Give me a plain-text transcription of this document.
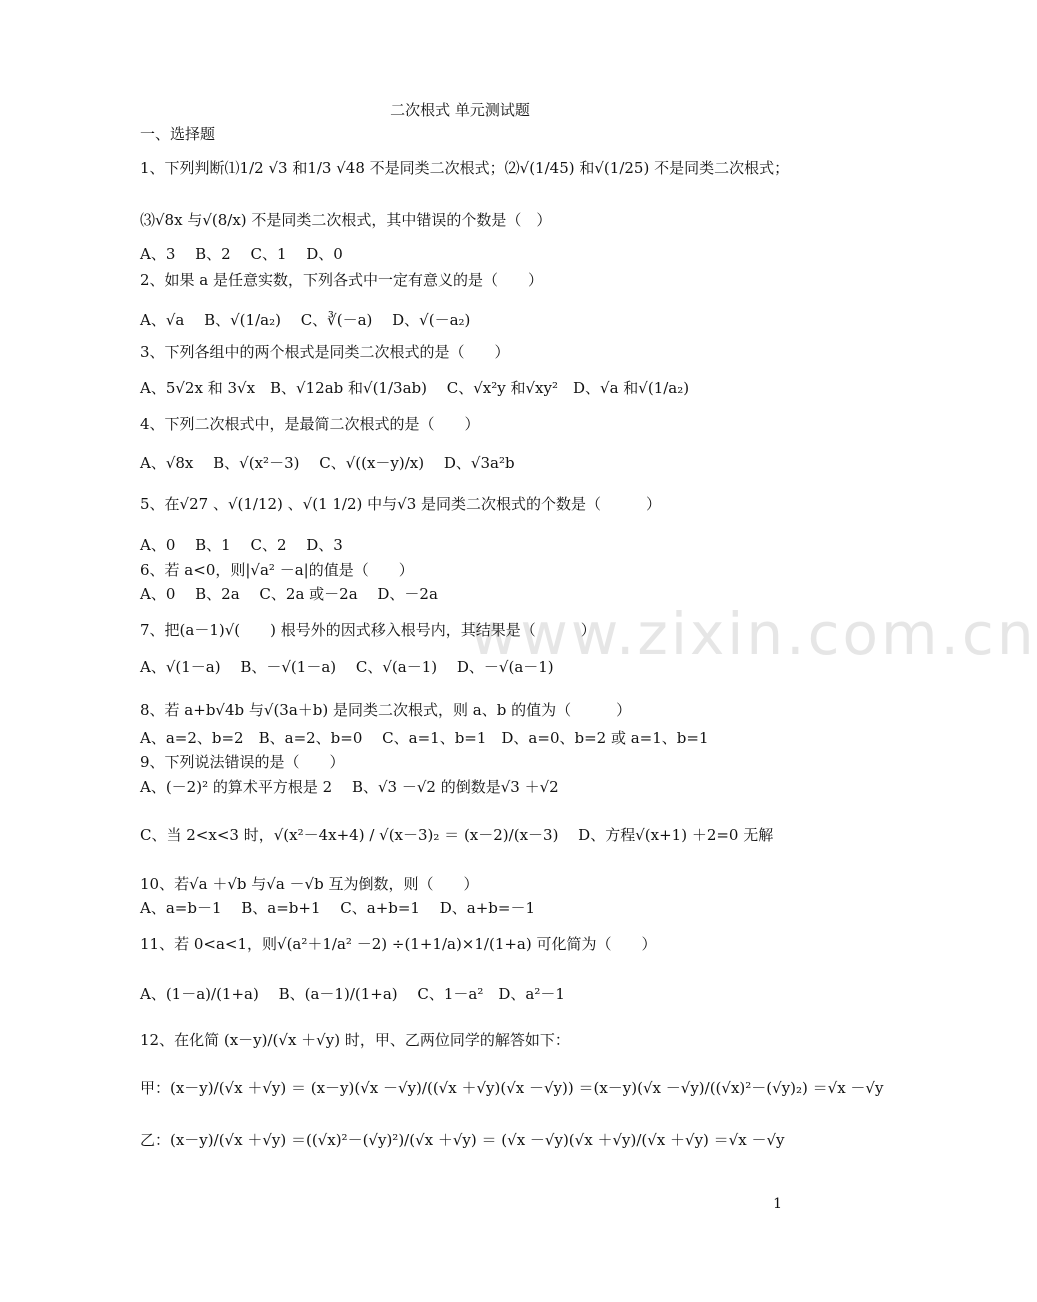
www.zixin.com.cn
二次根式 单元测试题
一、选择题
1、下列判断⑴1/2 √3 和1/3 √48 不是同类二次根式；⑵√(1/45) 和√(1/25) 不是同类二次根式；
⑶√8x 与√(8/x) 不是同类二次根式，其中错误的个数是（　）
A、3　 B、2　 C、1　 D、0
2、如果 a 是任意实数，下列各式中一定有意义的是（　　）
A、√a　 B、√(1/a₂)　 C、∛(－a)　 D、√(－a₂)
3、下列各组中的两个根式是同类二次根式的是（　　）
A、5√2x 和 3√x　B、√12ab 和√(1/3ab)　 C、√x²y 和√xy²　D、√a 和√(1/a₂)
4、下列二次根式中，是最简二次根式的是（　　）
A、√8x　 B、√(x²－3)　 C、√((x－y)/x)　 D、√3a²b
5、在√27 、√(1/12) 、√(1 1/2) 中与√3 是同类二次根式的个数是（　　　）
A、0　 B、1　 C、2　 D、3
6、若 a<0，则|√a² －a|的值是（　　）
A、0　 B、2a　 C、2a 或－2a　 D、－2a
7、把(a－1)√(　　) 根号外的因式移入根号内，其结果是（　　　）
A、√(1－a)　 B、－√(1－a)　 C、√(a－1)　 D、－√(a－1)
8、若 a+b√4b 与√(3a＋b) 是同类二次根式，则 a、b 的值为（　　　）
A、a=2、b=2　B、a=2、b=0　 C、a=1、b=1　D、a=0、b=2 或 a=1、b=1
9、下列说法错误的是（　　）
A、(－2)² 的算术平方根是 2　 B、√3 －√2 的倒数是√3 ＋√2
C、当 2<x<3 时，√(x²－4x+4) / √(x－3)₂ ＝ (x－2)/(x－3)　 D、方程√(x+1) ＋2=0 无解
10、若√a ＋√b 与√a －√b 互为倒数，则（　　）
A、a=b－1　 B、a=b+1　 C、a+b=1　 D、a+b=－1
11、若 0<a<1，则√(a²＋1/a² －2) ÷(1+1/a)×1/(1+a) 可化简为（　　）
A、(1－a)/(1+a)　 B、(a－1)/(1+a)　 C、1－a²　D、a²－1
12、在化简 (x－y)/(√x ＋√y) 时，甲、乙两位同学的解答如下：
甲：(x－y)/(√x ＋√y) ＝ (x－y)(√x －√y)/((√x ＋√y)(√x －√y)) ＝(x－y)(√x －√y)/((√x)²－(√y)₂) ＝√x －√y
乙：(x－y)/(√x ＋√y) ＝((√x)²－(√y)²)/(√x ＋√y) ＝ (√x －√y)(√x ＋√y)/(√x ＋√y) ＝√x －√y
1
